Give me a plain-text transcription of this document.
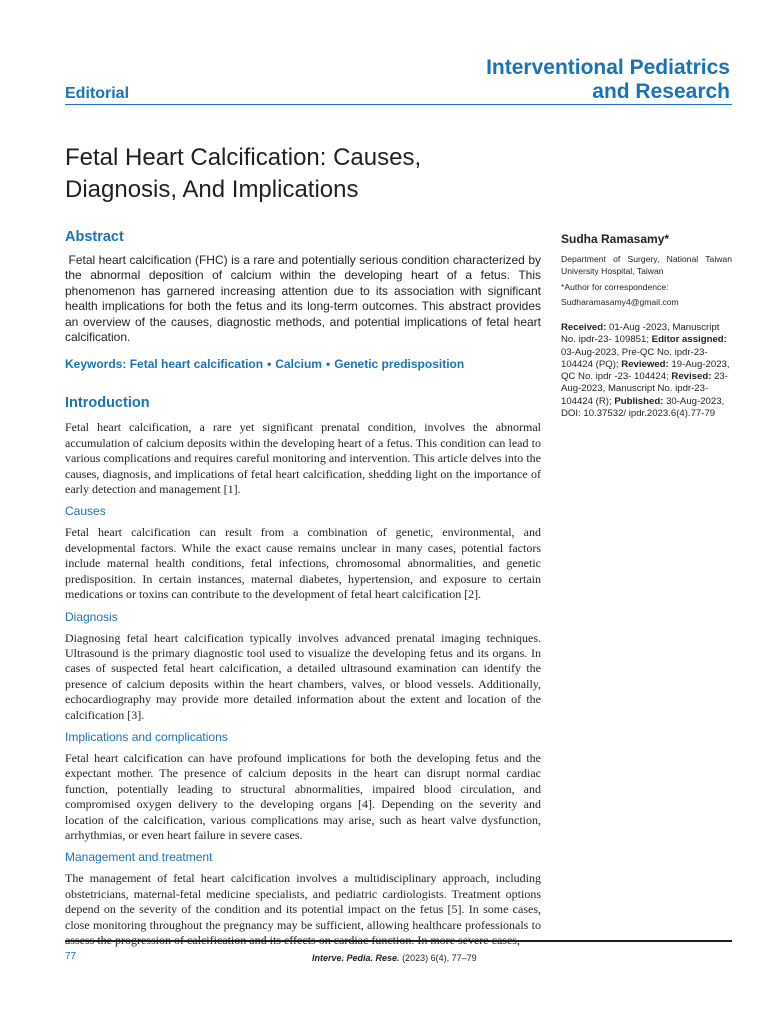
Interventional Pediatrics
and Research
Editorial
Fetal Heart Calcification: Causes,
Diagnosis, And Implications
Abstract

Fetal heart calcification (FHC) is a rare and potentially serious condition characterized by the abnormal deposition of calcium within the developing heart of a fetus. This phenomenon has garnered increasing attention due to its association with significant health implications for both the fetus and its long-term outcomes. This abstract provides an overview of the causes, diagnostic methods, and potential implications of fetal heart calcification.

Keywords: Fetal heart calcification • Calcium • Genetic predisposition

Introduction

Fetal heart calcification, a rare yet significant prenatal condition, involves the abnormal accumulation of calcium deposits within the developing heart of a fetus. This condition can lead to various complications and requires careful monitoring and intervention. This article delves into the causes, diagnosis, and implications of fetal heart calcification, shedding light on the importance of early detection and management [1].

Causes

Fetal heart calcification can result from a combination of genetic, environmental, and developmental factors. While the exact cause remains unclear in many cases, potential factors include maternal health conditions, fetal infections, chromosomal abnormalities, and genetic predisposition. In certain instances, maternal diabetes, hypertension, and exposure to certain medications or toxins can contribute to the development of fetal heart calcification [2].

Diagnosis

Diagnosing fetal heart calcification typically involves advanced prenatal imaging techniques. Ultrasound is the primary diagnostic tool used to visualize the developing fetus and its organs. In cases of suspected fetal heart calcification, a detailed ultrasound examination can identify the presence of calcium deposits within the heart chambers, valves, or blood vessels. Additionally, echocardiography may provide more detailed information about the extent and location of the calcification [3].

Implications and complications

Fetal heart calcification can have profound implications for both the developing fetus and the expectant mother. The presence of calcium deposits in the heart can disrupt normal cardiac function, potentially leading to structural abnormalities, impaired blood circulation, and compromised oxygen delivery to the developing organs [4]. Depending on the severity and location of the calcification, various complications may arise, such as heart valve dysfunction, arrhythmias, or even heart failure in severe cases.

Management and treatment

The management of fetal heart calcification involves a multidisciplinary approach, including obstetricians, maternal-fetal medicine specialists, and pediatric cardiologists. Treatment options depend on the severity of the condition and its potential impact on the fetus [5]. In some cases, close monitoring throughout the pregnancy may be sufficient, allowing healthcare professionals to

Sudha Ramasamy*

Department of Surgery, National Taiwan University Hospital, Taiwan

*Author for correspondence:

Sudharamasamy4@gmail.com

Received: 01-Aug -2023, Manuscript No. ipdr-23- 109851; Editor assigned: 03-Aug-2023, Pre-QC No. ipdr-23- 104424 (PQ); Reviewed: 19-Aug-2023, QC No. ipdr -23- 104424; Revised: 23-Aug-2023, Manuscript No. ipdr-23- 104424 (R); Published: 30-Aug-2023, DOI: 10.37532/ ipdr.2023.6(4).77-79

77	Interve. Pedia. Rese. (2023) 6(4), 77–79
